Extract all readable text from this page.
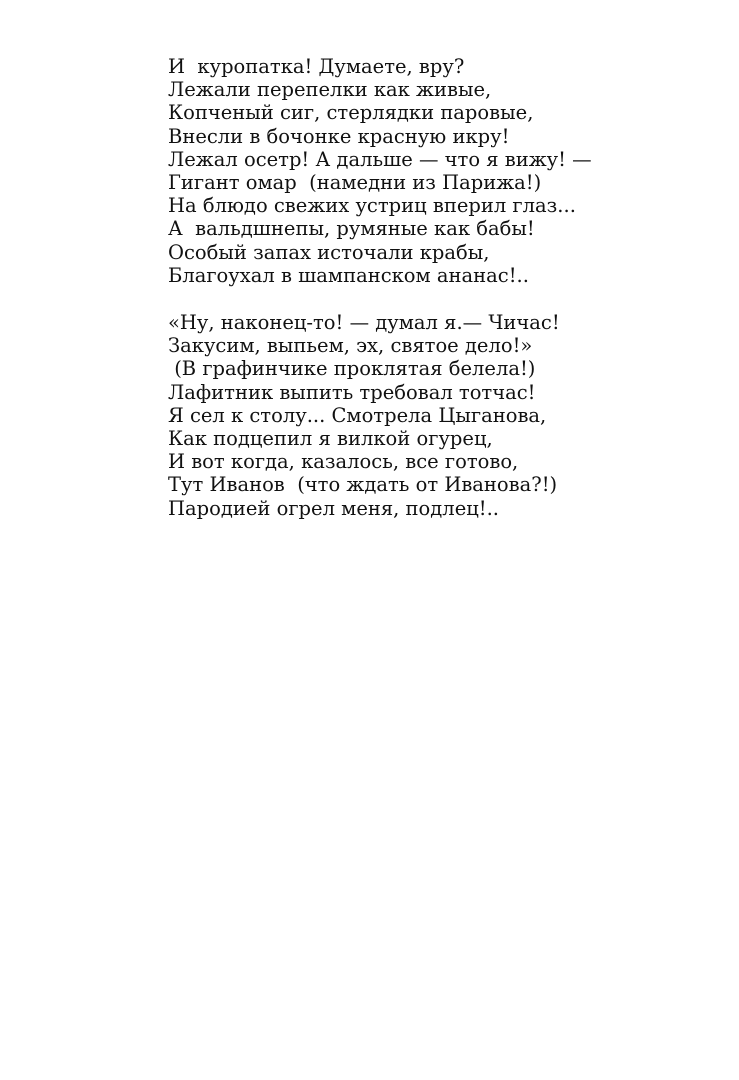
И  куропатка! Думаете, вру?
Лежали перепелки как живые,
Копченый сиг, стерлядки паровые,
Внесли в бочонке красную икру!
Лежал осетр! А дальше — что я вижу! —
Гигант омар  (намедни из Парижа!)
На блюдо свежих устриц вперил глаз...
А  вальдшнепы, румяные как бабы!
Особый запах источали крабы,
Благоухал в шампанском ананас!..

«Ну, наконец-то! — думал я.— Чичас!
Закусим, выпьем, эх, святое дело!»
(В графинчике проклятая белела!)
Лафитник выпить требовал тотчас!
Я сел к столу... Смотрела Цыганова,
Как подцепил я вилкой огурец,
И вот когда, казалось, все готово,
Тут Иванов  (что ждать от Иванова?!)
Пародией огрел меня, подлец!..
